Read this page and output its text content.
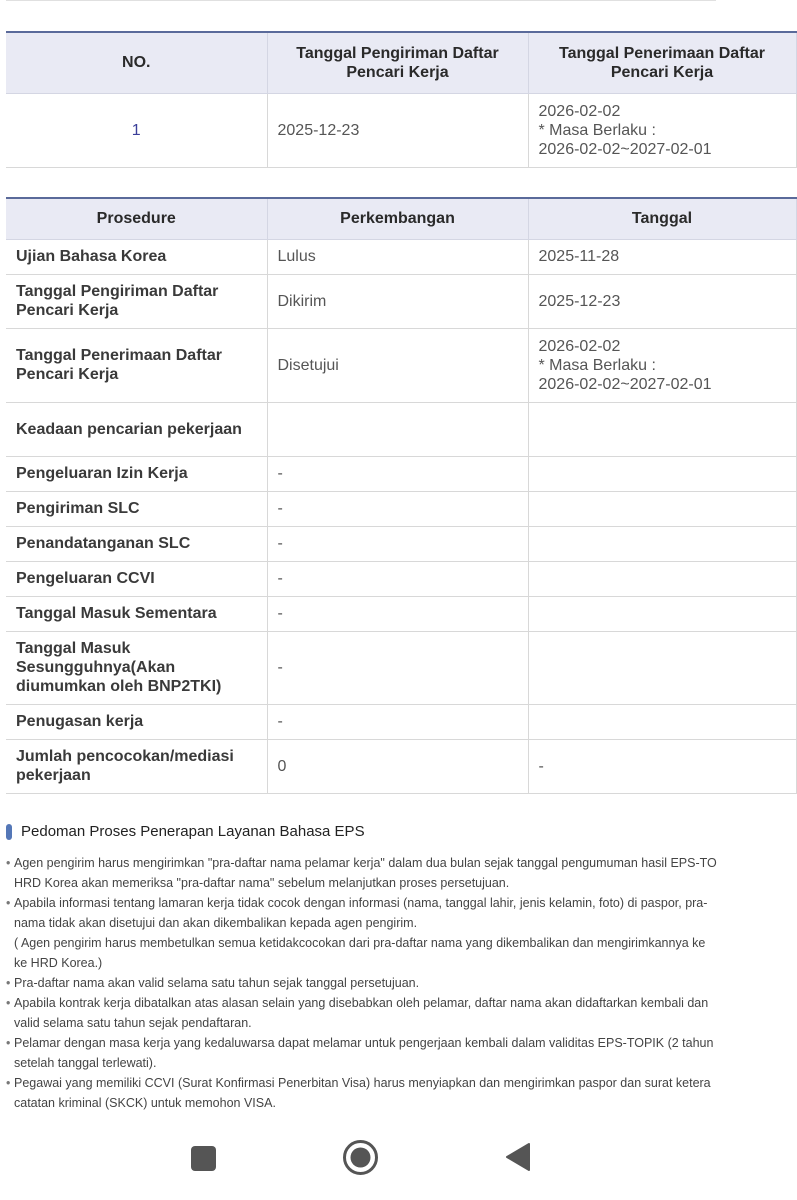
NO.	Tanggal Pengiriman Daftar Pencari Kerja	Tanggal Penerimaan Daftar Pencari Kerja
1	2025-12-23	2026-02-02
* Masa Berlaku :
2026-02-02~2027-02-01
Prosedure	Perkembangan	Tanggal
Ujian Bahasa Korea	Lulus	2025-11-28
Tanggal Pengiriman Daftar Pencari Kerja	Dikirim	2025-12-23
Tanggal Penerimaan Daftar Pencari Kerja	Disetujui	2026-02-02
* Masa Berlaku :
2026-02-02~2027-02-01

Keadaan pencarian pekerjaan		
Pengeluaran Izin Kerja	-	
Pengiriman SLC	-	
Penandatanganan SLC	-	
Pengeluaran CCVI	-	
Tanggal Masuk Sementara	-	
Tanggal Masuk Sesungguhnya(Akan diumumkan oleh BNP2TKI)	-	
Penugasan kerja	-	
Jumlah pencocokan/mediasi pekerjaan	0	-
Pedoman Proses Penerapan Layanan Bahasa EPS
• Agen pengirim harus mengirimkan "pra-daftar nama pelamar kerja" dalam dua bulan sejak tanggal pengumuman hasil EPS-TO
HRD Korea akan memeriksa "pra-daftar nama" sebelum melanjutkan proses persetujuan.
• Apabila informasi tentang lamaran kerja tidak cocok dengan informasi (nama, tanggal lahir, jenis kelamin, foto) di paspor, pra-
nama tidak akan disetujui dan akan dikembalikan kepada agen pengirim.
( Agen pengirim harus membetulkan semua ketidakcocokan dari pra-daftar nama yang dikembalikan dan mengirimkannya ke
ke HRD Korea.)
• Pra-daftar nama akan valid selama satu tahun sejak tanggal persetujuan.
• Apabila kontrak kerja dibatalkan atas alasan selain yang disebabkan oleh pelamar, daftar nama akan didaftarkan kembali dan
valid selama satu tahun sejak pendaftaran.
• Pelamar dengan masa kerja yang kedaluwarsa dapat melamar untuk pengerjaan kembali dalam validitas EPS-TOPIK (2 tahun
setelah tanggal terlewati).
• Pegawai yang memiliki CCVI (Surat Konfirmasi Penerbitan Visa) harus menyiapkan dan mengirimkan paspor dan surat ketera
catatan kriminal (SKCK) untuk memohon VISA.
